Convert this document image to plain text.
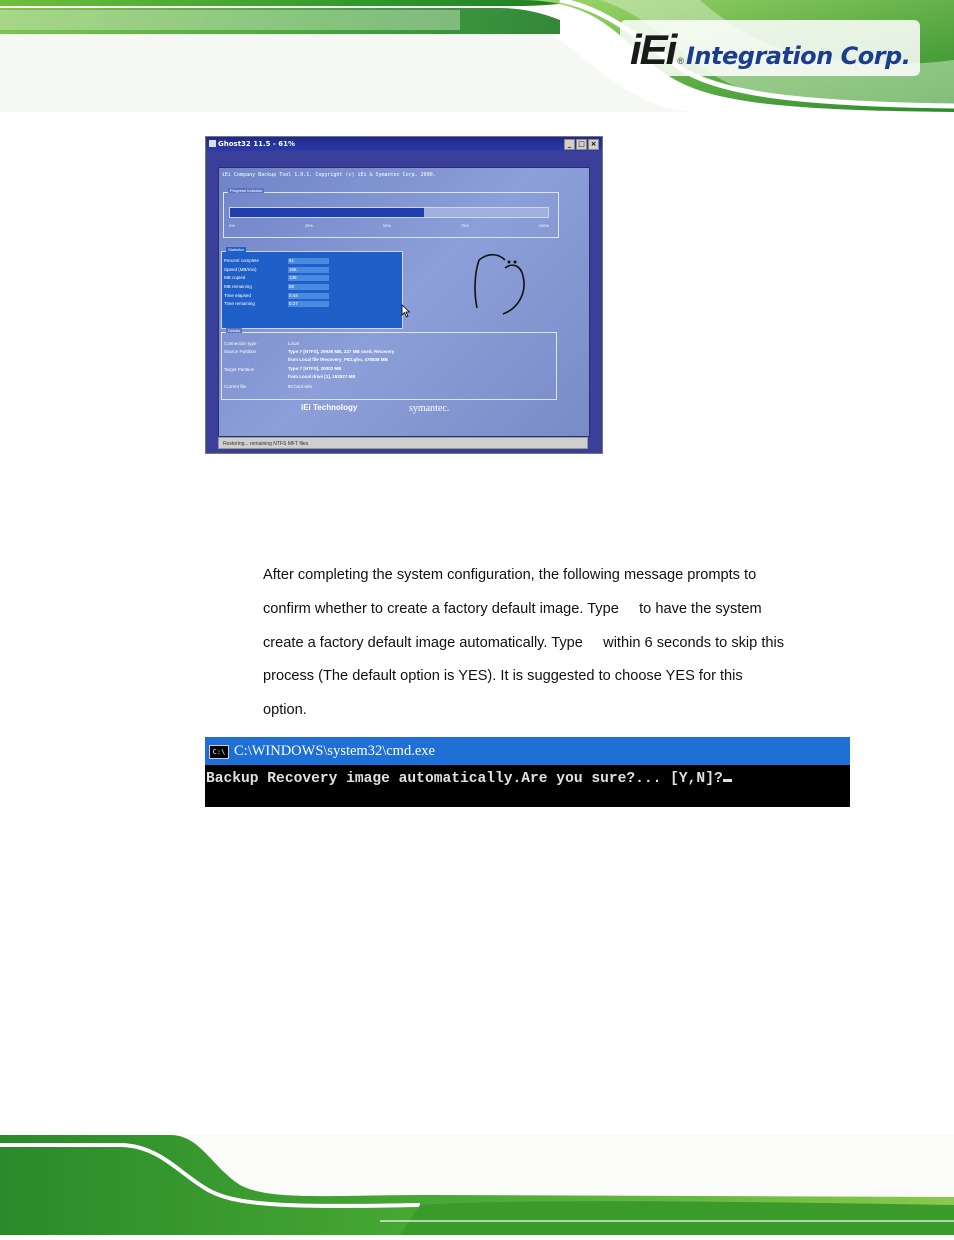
iEi ® Integration Corp.
Ghost32 11.5 - 61%	_ □ ×
iEi Company Backup Tool 1.0.1. Copyright (c) iEi & Symantec Corp. 2000.
Progress Indicator
0%	25%	50%	75%	100%
Statistics
Percent complete	61
Speed (MB/min)	165
MB copied	139
MB remaining	88
Time elapsed	0:44
Time remaining	0:27
Details
Connection type	Local
Source Partition	Type:7 [NTFS], 26936 MB, 227 MB used, Recovery
from Local file \Recovery_PE2.gho, 476938 MB
Target Partition	Type:7 [NTFS], 20002 MB
from Local drive [1], 152627 MB
Current file	50 boot.wim
iEi Technology	symantec.
Restoring... remaining NTFS MFT files

After completing the system configuration, the following message prompts to

confirm whether to create a factory default image. Type     to have the system

create a factory default image automatically. Type     within 6 seconds to skip this

process (The default option is YES). It is suggested to choose YES for this

option.

C:\ C:\WINDOWS\system32\cmd.exe
Backup Recovery image automatically.Are you sure?... [Y,N]?
